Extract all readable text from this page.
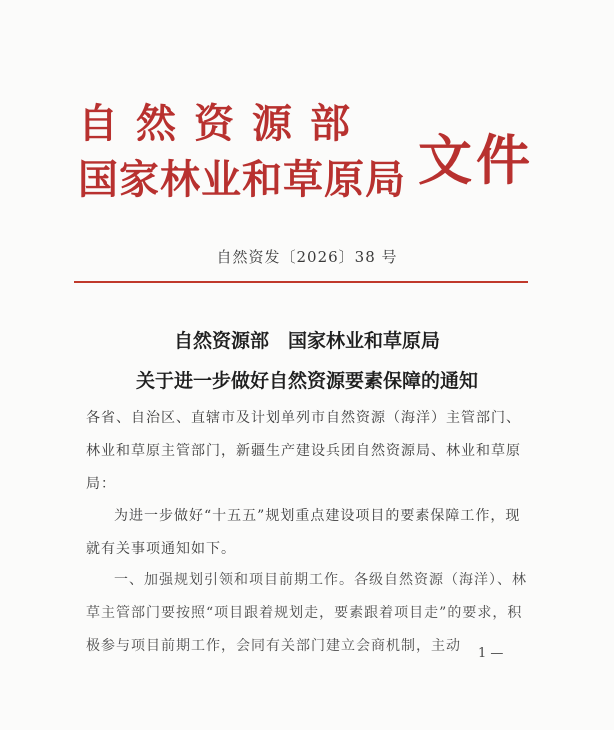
自然资源部
国家林业和草原局 文件
自然资发〔2026〕38 号
自然资源部　国家林业和草原局
关于进一步做好自然资源要素保障的通知
各省、自治区、直辖市及计划单列市自然资源（海洋）主管部门、林业和草原主管部门，新疆生产建设兵团自然资源局、林业和草原局：
为进一步做好“十五五”规划重点建设项目的要素保障工作，现就有关事项通知如下。
一、加强规划引领和项目前期工作。各级自然资源（海洋）、林草主管部门要按照“项目跟着规划走，要素跟着项目走”的要求，积极参与项目前期工作，会同有关部门建立会商机制，主动	1 —
